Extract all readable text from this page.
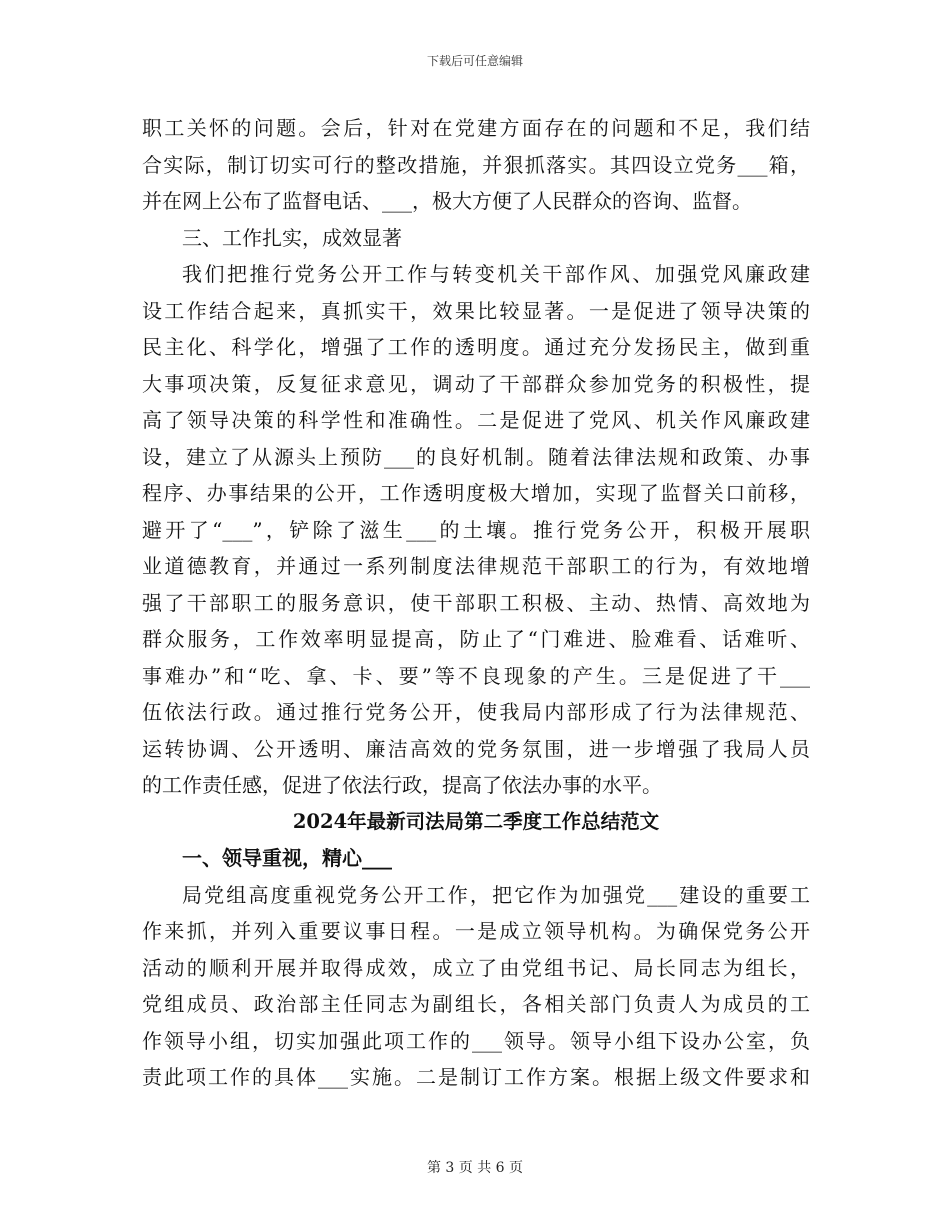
下载后可任意编辑
职工关怀的问题。会后，针对在党建方面存在的问题和不足，我们结
合实际，制订切实可行的整改措施，并狠抓落实。其四设立党务___箱，
并在网上公布了监督电话、___，极大方便了人民群众的咨询、监督。
三、工作扎实，成效显著
我们把推行党务公开工作与转变机关干部作风、加强党风廉政建
设工作结合起来，真抓实干，效果比较显著。一是促进了领导决策的
民主化、科学化，增强了工作的透明度。通过充分发扬民主，做到重
大事项决策，反复征求意见，调动了干部群众参加党务的积极性，提
高了领导决策的科学性和准确性。二是促进了党风、机关作风廉政建
设，建立了从源头上预防___的良好机制。随着法律法规和政策、办事
程序、办事结果的公开，工作透明度极大增加，实现了监督关口前移，
避开了“___”，铲除了滋生___的土壤。推行党务公开，积极开展职
业道德教育，并通过一系列制度法律规范干部职工的行为，有效地增
强了干部职工的服务意识，使干部职工积极、主动、热情、高效地为
群众服务，工作效率明显提高，防止了“门难进、脸难看、话难听、
事难办”和“吃、拿、卡、要”等不良现象的产生。三是促进了干___
伍依法行政。通过推行党务公开，使我局内部形成了行为法律规范、
运转协调、公开透明、廉洁高效的党务氛围，进一步增强了我局人员
的工作责任感，促进了依法行政，提高了依法办事的水平。
2024年最新司法局第二季度工作总结范文
一、领导重视，精心___
局党组高度重视党务公开工作，把它作为加强党___建设的重要工
作来抓，并列入重要议事日程。一是成立领导机构。为确保党务公开
活动的顺利开展并取得成效，成立了由党组书记、局长同志为组长，
党组成员、政治部主任同志为副组长，各相关部门负责人为成员的工
作领导小组，切实加强此项工作的___领导。领导小组下设办公室，负
责此项工作的具体___实施。二是制订工作方案。根据上级文件要求和
第 3 页 共 6 页
